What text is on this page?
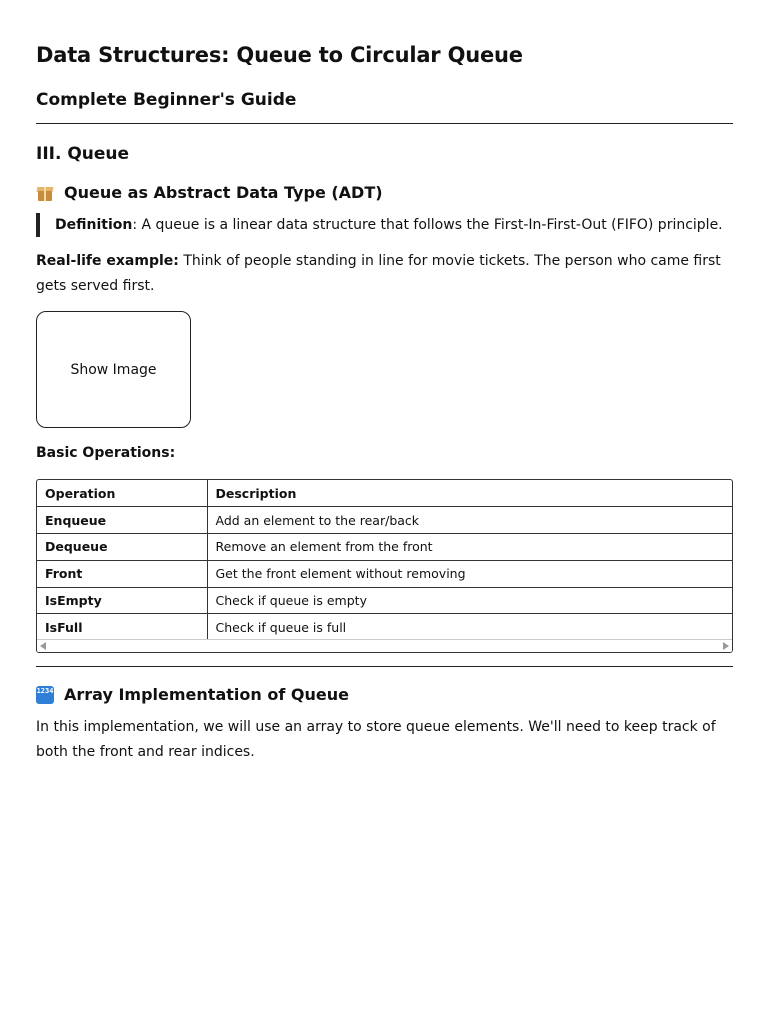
Data Structures: Queue to Circular Queue
Complete Beginner's Guide
III. Queue
Queue as Abstract Data Type (ADT)
Definition: A queue is a linear data structure that follows the First-In-First-Out (FIFO) principle.

Real-life example: Think of people standing in line for movie tickets. The person who came first gets served first.

Show Image
Basic Operations:
Operation	Description
Enqueue	Add an element to the rear/back
Dequeue	Remove an element from the front
Front	Get the front element without removing
IsEmpty	Check if queue is empty
IsFull	Check if queue is full
1234 Array Implementation of Queue

In this implementation, we will use an array to store queue elements. We'll need to keep track of both the front and rear indices.
